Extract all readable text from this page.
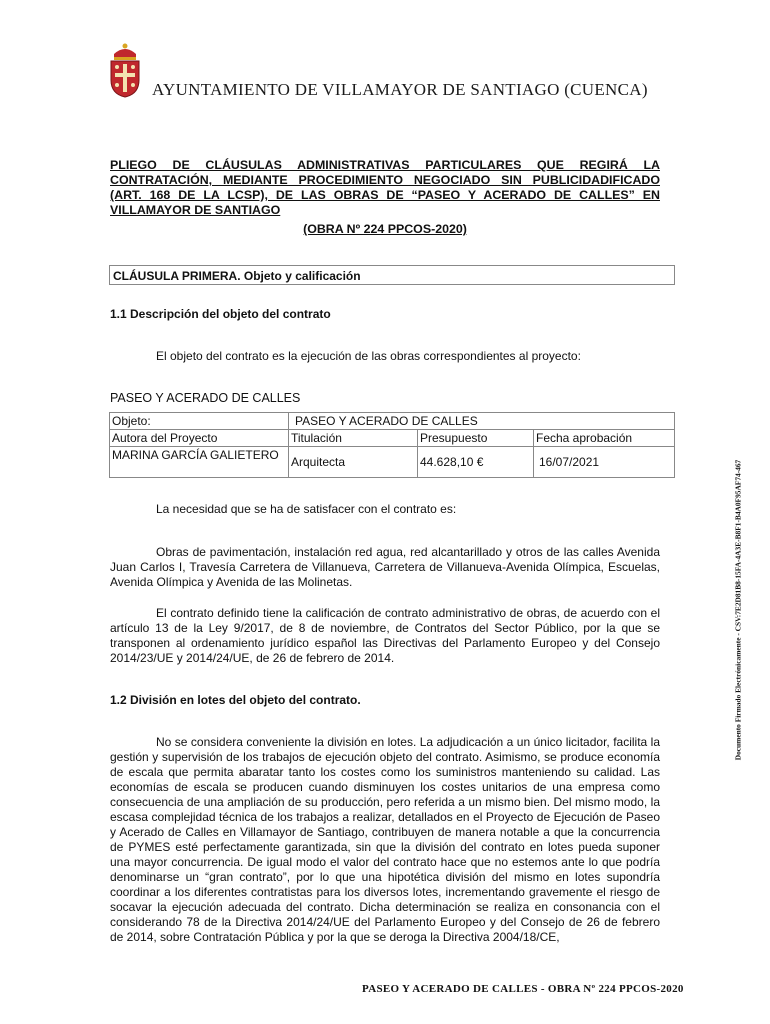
AYUNTAMIENTO DE VILLAMAYOR DE SANTIAGO (CUENCA)
PLIEGO DE CLÁUSULAS ADMINISTRATIVAS PARTICULARES QUE REGIRÁ LA
CONTRATACIÓN, MEDIANTE PROCEDIMIENTO NEGOCIADO SIN PUBLICIDADIFICADO
(ART. 168 DE LA LCSP), DE LAS OBRAS DE “PASEO Y ACERADO DE CALLES” EN
VILLAMAYOR DE SANTIAGO
(OBRA Nº 224 PPCOS-2020)
CLÁUSULA PRIMERA. Objeto y calificación
1.1 Descripción del objeto del contrato
El objeto del contrato es la ejecución de las obras correspondientes al proyecto:
PASEO Y ACERADO DE CALLES
Objeto:	PASEO Y ACERADO DE CALLES		
Autora del Proyecto	Titulación	Presupuesto	Fecha aprobación
MARINA GARCÍA GALIETERO	Arquitecta	44.628,10 €	16/07/2021
La necesidad que se ha de satisfacer con el contrato es:
Obras de pavimentación, instalación red agua, red alcantarillado y otros de las calles Avenida Juan Carlos I, Travesía Carretera de Villanueva, Carretera de Villanueva-Avenida Olímpica, Escuelas, Avenida Olímpica y Avenida de las Molinetas.
El contrato definido tiene la calificación de contrato administrativo de obras, de acuerdo con el artículo 13 de la Ley 9/2017, de 8 de noviembre, de Contratos del Sector Público, por la que se transponen al ordenamiento jurídico español las Directivas del Parlamento Europeo y del Consejo 2014/23/UE y 2014/24/UE, de 26 de febrero de 2014.
1.2 División en lotes del objeto del contrato.
No se considera conveniente la división en lotes. La adjudicación a un único licitador, facilita la gestión y supervisión de los trabajos de ejecución objeto del contrato. Asimismo, se produce economía de escala que permita abaratar tanto los costes como los suministros manteniendo su calidad. Las economías de escala se producen cuando disminuyen los costes unitarios de una empresa como consecuencia de una ampliación de su producción, pero referida a un mismo bien. Del mismo modo, la escasa complejidad técnica de los trabajos a realizar, detallados en el Proyecto de Ejecución de Paseo y Acerado de Calles en Villamayor de Santiago, contribuyen de manera notable a que la concurrencia de PYMES esté perfectamente garantizada, sin que la división del contrato en lotes pueda suponer una mayor concurrencia. De igual modo el valor del contrato hace que no estemos ante lo que podría denominarse un “gran contrato”, por lo que una hipotética división del mismo en lotes supondría coordinar a los diferentes contratistas para los diversos lotes, incrementando gravemente el riesgo de socavar la ejecución adecuada del contrato. Dicha determinación se realiza en consonancia con el considerando 78 de la Directiva 2014/24/UE del Parlamento Europeo y del Consejo de 26 de febrero de 2014, sobre Contratación Pública y por la que se deroga la Directiva 2004/18/CE,
Documento Firmado Electrónicamente - CSV:7E2D81B8-15FA-4A3E-B8F1-B4A0F95AF74-467
PASEO Y ACERADO DE CALLES - OBRA Nº 224 PPCOS-2020
